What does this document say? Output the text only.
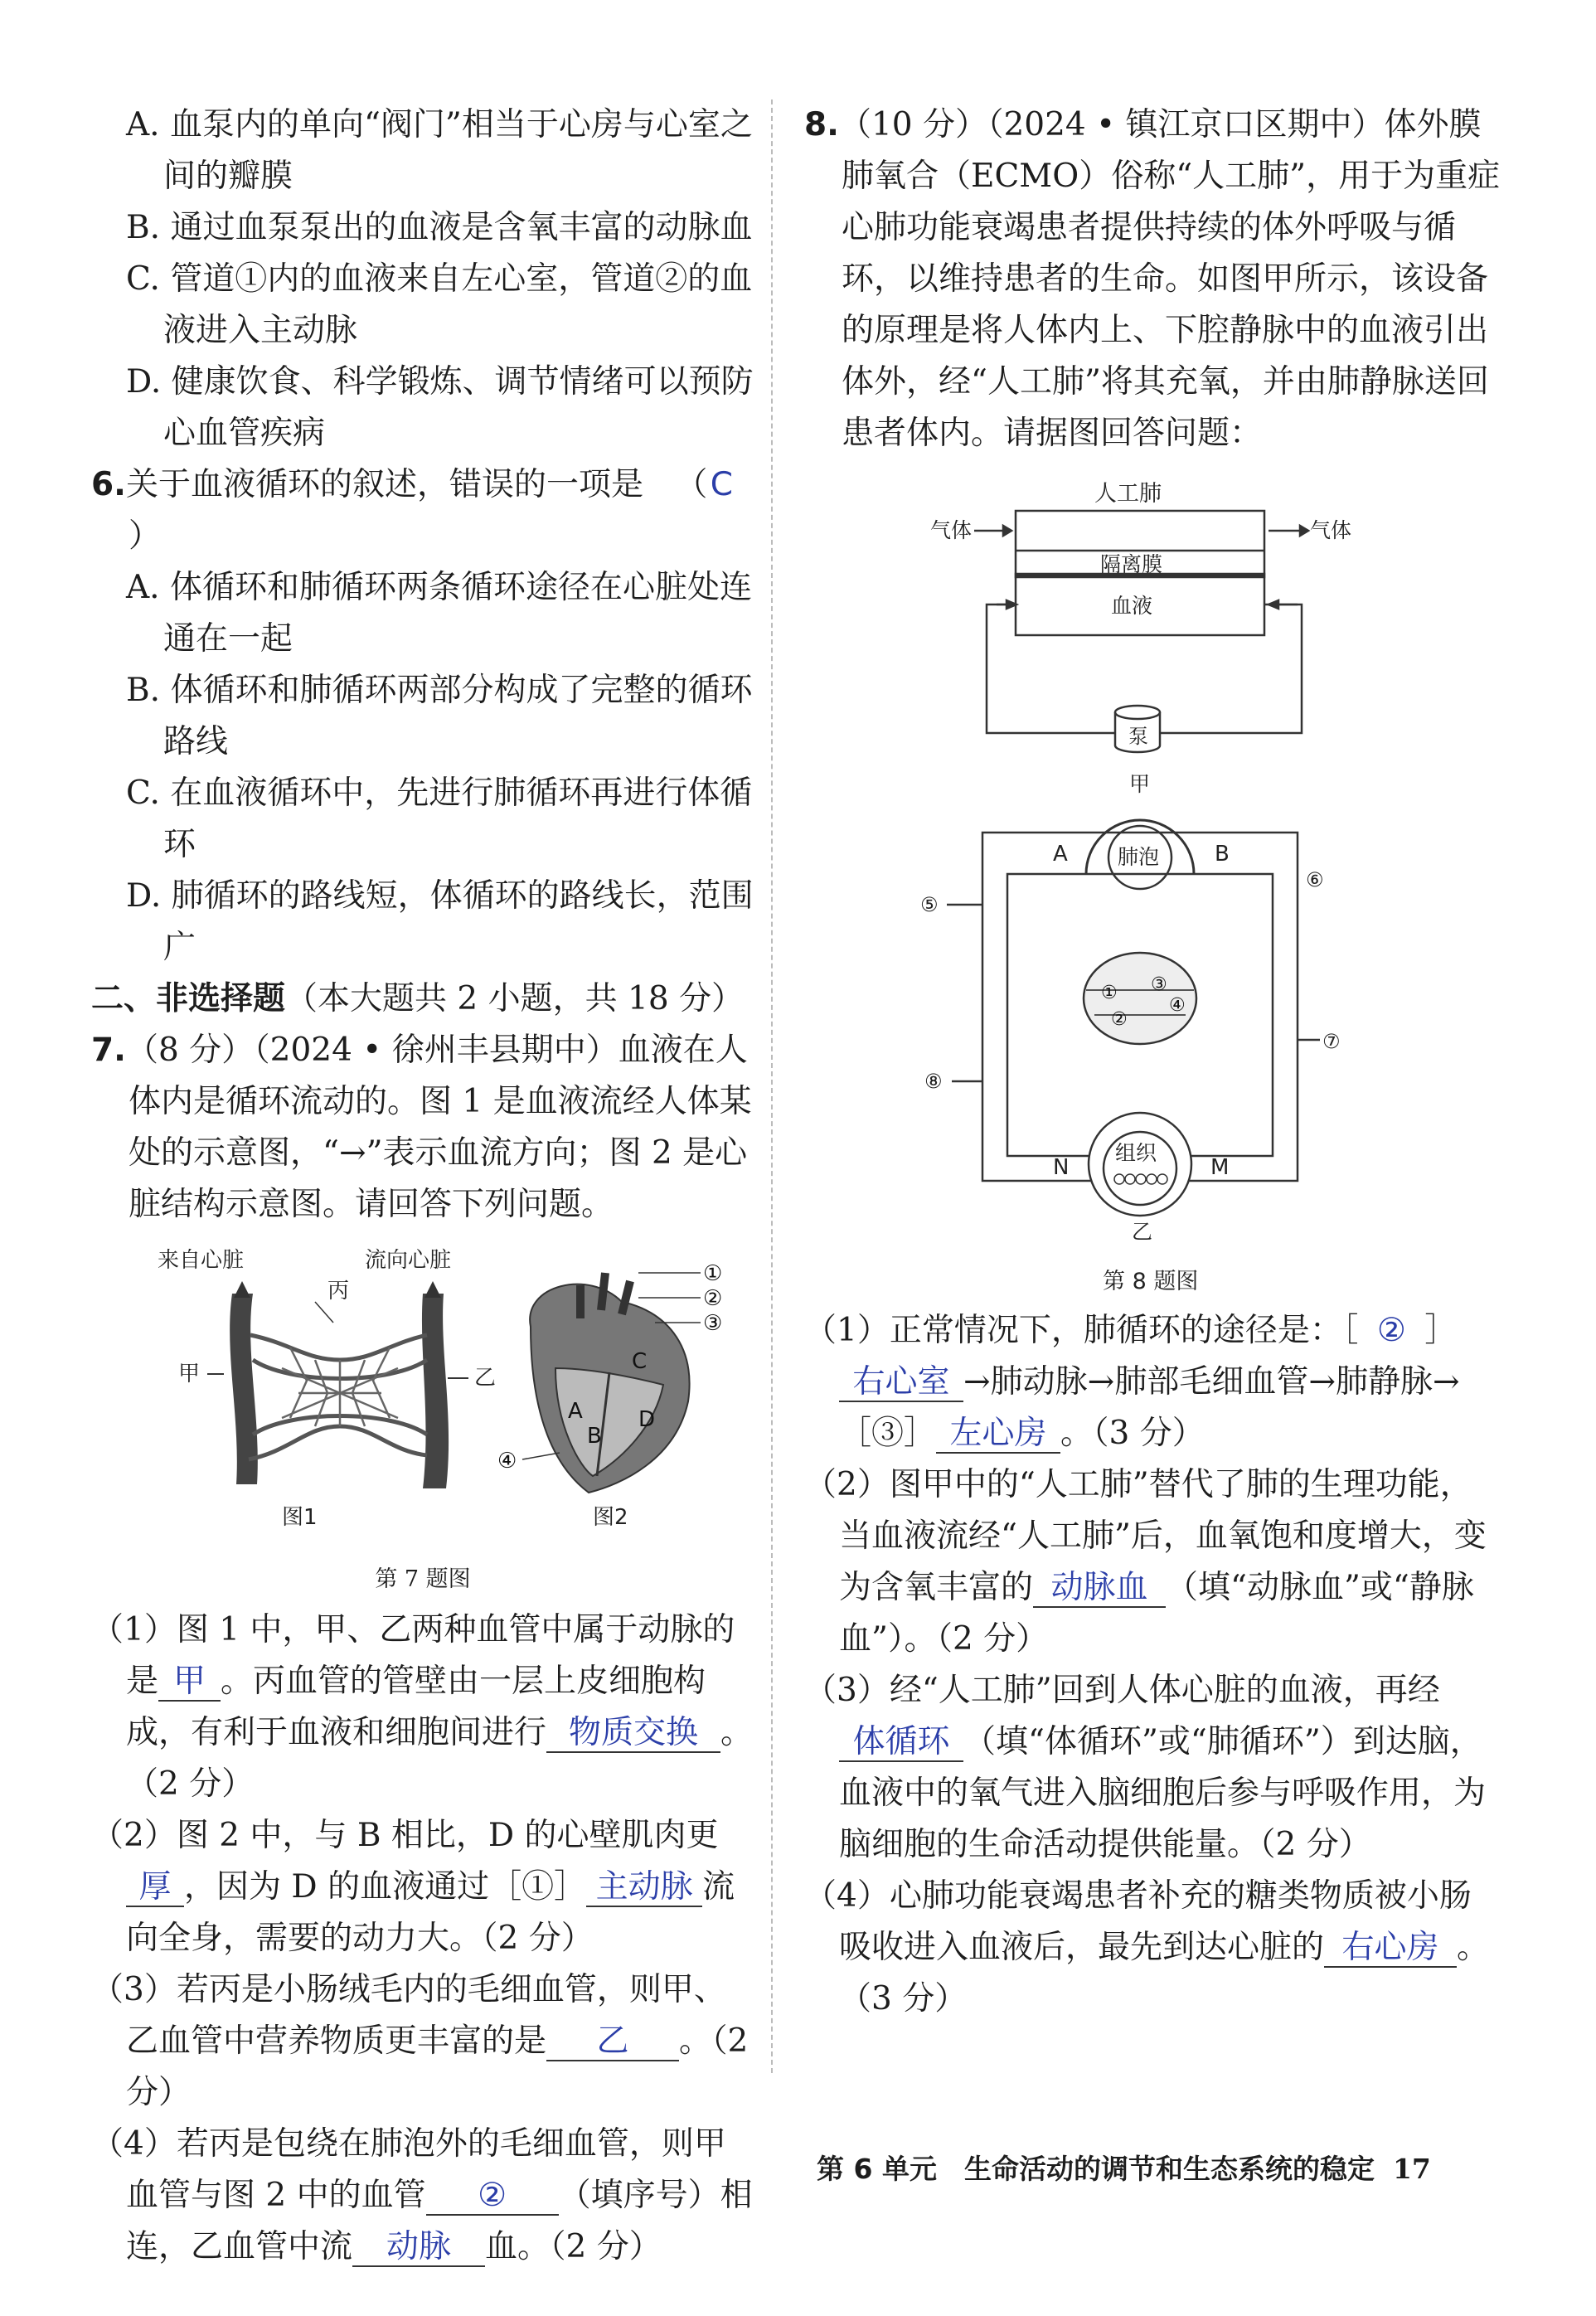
A. 血泵内的单向“阀门”相当于心房与心室之间的瓣膜

B. 通过血泵泵出的血液是含氧丰富的动脉血

C. 管道①内的血液来自左心室，管道②的血液进入主动脉

D. 健康饮食、科学锻炼、调节情绪可以预防心血管疾病

6.关于血液循环的叙述，错误的一项是 （C）

A. 体循环和肺循环两条循环途径在心脏处连通在一起

B. 体循环和肺循环两部分构成了完整的循环路线

C. 在血液循环中，先进行肺循环再进行体循环

D. 肺循环的路线短，体循环的路线长，范围广

二、非选择题（本大题共 2 小题，共 18 分）

7.（8 分）（2024 • 徐州丰县期中）血液在人体内是循环流动的。图 1 是血液流经人体某处的示意图，“→”表示血流方向；图 2 是心脏结构示意图。请回答下列问题。

来自心脏	流向心脏
丙
甲	乙
图1
A
B
C
D
①
②
③
④
图2

第 7 题图

（1）图 1 中，甲、乙两种血管中属于动脉的是 甲 。丙血管的管壁由一层上皮细胞构成，有利于血液和细胞间进行 物质交换 。（2 分）

（2）图 2 中，与 B 相比，D 的心壁肌肉更厚 ，因为 D 的血液通过［①］ 主动脉 流向全身，需要的动力大。（2 分）

（3）若丙是小肠绒毛内的毛细血管，则甲、乙血管中营养物质更丰富的是 乙 。（2 分）

（4）若丙是包绕在肺泡外的毛细血管，则甲血管与图 2 中的血管 ② （填序号）相连，乙血管中流 动脉 血。（2 分）

8.（10 分）（2024 • 镇江京口区期中）体外膜肺氧合（ECMO）俗称“人工肺”，用于为重症心肺功能衰竭患者提供持续的体外呼吸与循环，以维持患者的生命。如图甲所示，该设备的原理是将人体内上、下腔静脉中的血液引出体外，经“人工肺”将其充氧，并由肺静脉送回患者体内。请据图回答问题：

人工肺
隔离膜
血液
气体	气体
泵
甲
肺泡
A	B
①
②
③
④
⑤
⑥
⑦
⑧
组织
N	M
乙
第 8 题图

（1）正常情况下，肺循环的途径是：［ ② ］右心室 →肺动脉→肺部毛细血管→肺静脉→［③］ 左心房 。（3 分）

（2）图甲中的“人工肺”替代了肺的生理功能，当血液流经“人工肺”后，血氧饱和度增大，变为含氧丰富的 动脉血 （填“动脉血”或“静脉血”）。（2 分）

（3）经“人工肺”回到人体心脏的血液，再经体循环 （填“体循环”或“肺循环”）到达脑，血液中的氧气进入脑细胞后参与呼吸作用，为脑细胞的生命活动提供能量。（2 分）

（4）心肺功能衰竭患者补充的糖类物质被小肠吸收进入血液后，最先到达心脏的 右心房 。（3 分）

第 6 单元　生命活动的调节和生态系统的稳定 17
